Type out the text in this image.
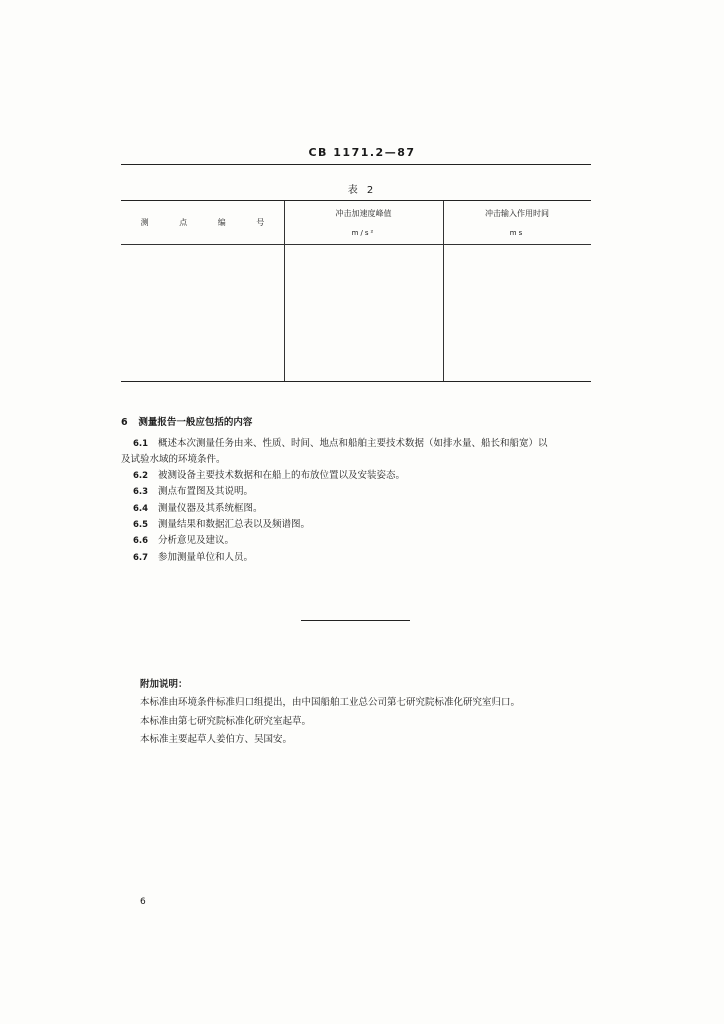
CB 1171.2—87
表 2
测 点 编 号
冲击加速度峰值
m/s²
冲击输入作用时间
ms
6 测量报告一般应包括的内容
6.1 概述本次测量任务由来、性质、时间、地点和船舶主要技术数据（如排水量、船长和船宽）以
及试验水域的环境条件。
6.2 被测设备主要技术数据和在船上的布放位置以及安装姿态。
6.3 测点布置图及其说明。
6.4 测量仪器及其系统框图。
6.5 测量结果和数据汇总表以及频谱图。
6.6 分析意见及建议。
6.7 参加测量单位和人员。
附加说明：
本标准由环境条件标准归口组提出，由中国船舶工业总公司第七研究院标准化研究室归口。
本标准由第七研究院标准化研究室起草。
本标准主要起草人姜伯方、吴国安。
6
